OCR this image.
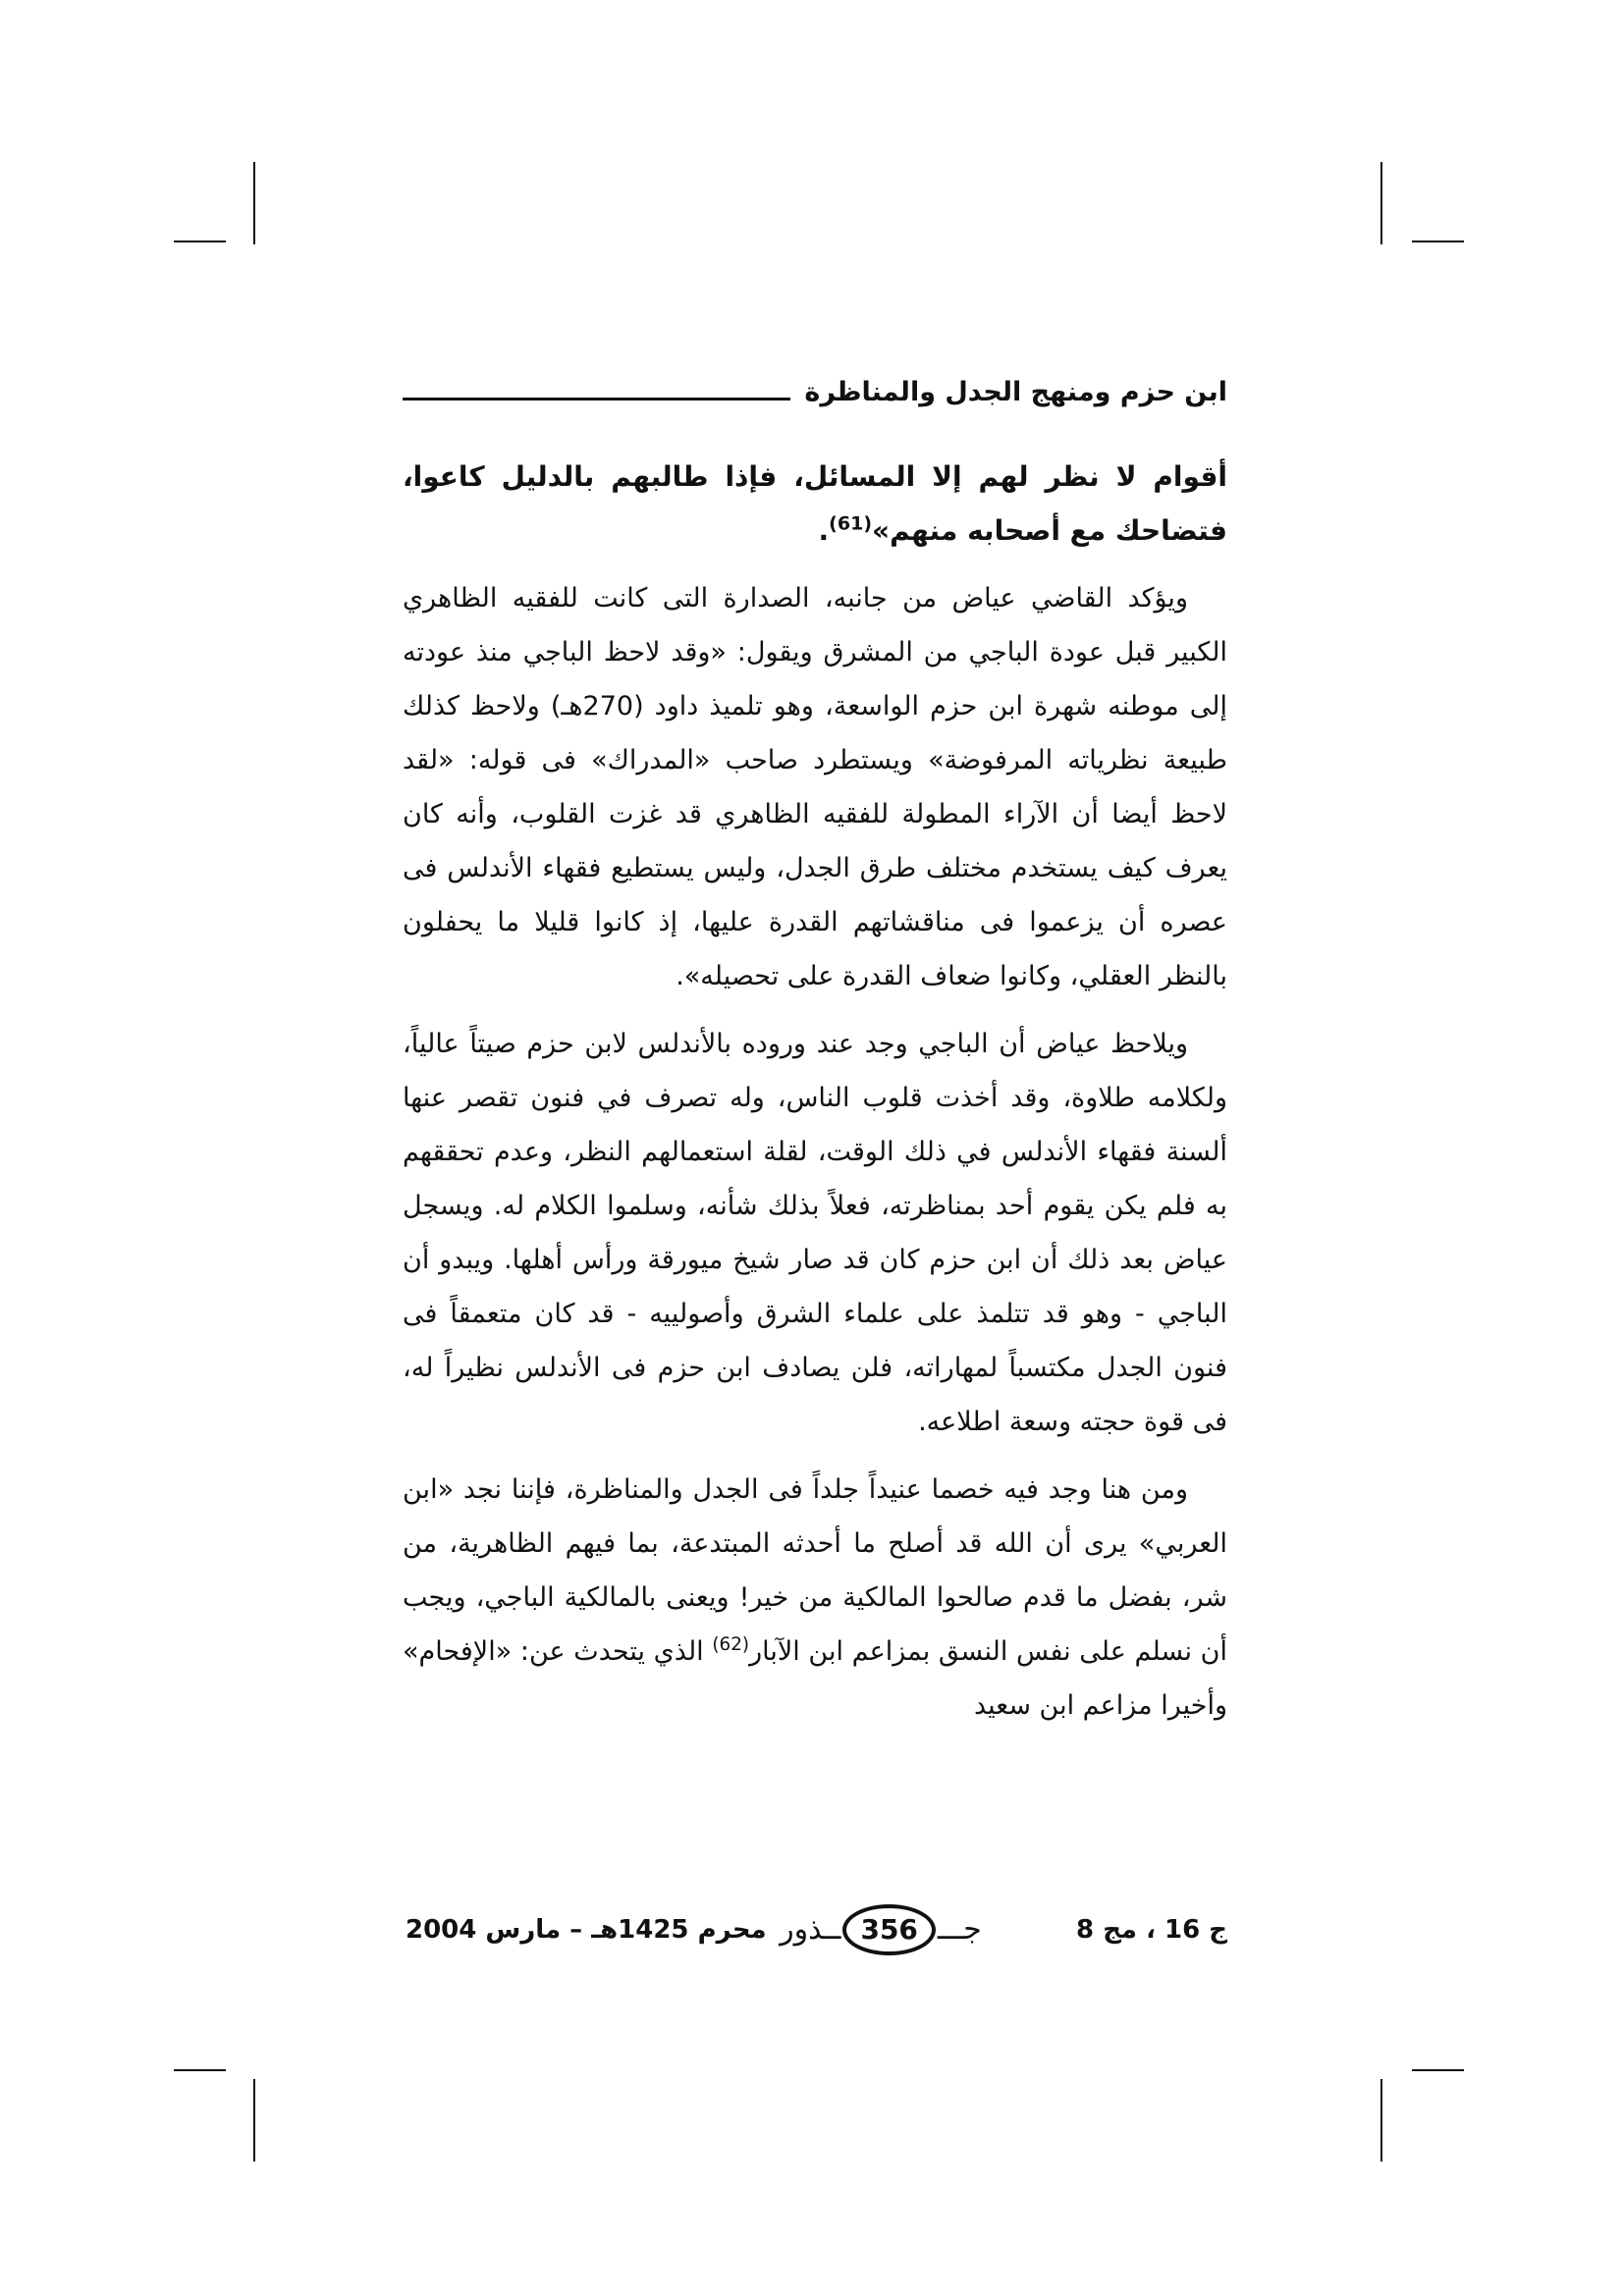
ابن حزم ومنهج الجدل والمناظرة

أقوام لا نظر لهم إلا المسائل، فإذا طالبهم بالدليل كاعوا، فتضاحك مع أصحابه منهم»$^{(61)}$.

ويؤكد القاضي عياض من جانبه، الصدارة التى كانت للفقيه الظاهري الكبير قبل عودة الباجي من المشرق ويقول: «وقد لاحظ الباجي منذ عودته إلى موطنه شهرة ابن حزم الواسعة، وهو تلميذ داود (270هـ) ولاحظ كذلك طبيعة نظرياته المرفوضة» ويستطرد صاحب «المدراك» فى قوله: «لقد لاحظ أيضا أن الآراء المطولة للفقيه الظاهري قد غزت القلوب، وأنه كان يعرف كيف يستخدم مختلف طرق الجدل، وليس يستطيع فقهاء الأندلس فى عصره أن يزعموا فى مناقشاتهم القدرة عليها، إذ كانوا قليلا ما يحفلون بالنظر العقلي، وكانوا ضعاف القدرة على تحصيله».

ويلاحظ عياض أن الباجي وجد عند وروده بالأندلس لابن حزم صيتاً عالياً، ولكلامه طلاوة، وقد أخذت قلوب الناس، وله تصرف في فنون تقصر عنها ألسنة فقهاء الأندلس في ذلك الوقت، لقلة استعمالهم النظر، وعدم تحققهم به فلم يكن يقوم أحد بمناظرته، فعلاً بذلك شأنه، وسلموا الكلام له. ويسجل عياض بعد ذلك أن ابن حزم كان قد صار شيخ ميورقة ورأس أهلها. ويبدو أن الباجي - وهو قد تتلمذ على علماء الشرق وأصولييه - قد كان متعمقاً فى فنون الجدل مكتسباً لمهاراته، فلن يصادف ابن حزم فى الأندلس نظيراً له، فى قوة حجته وسعة اطلاعه.

ومن هنا وجد فيه خصما عنيداً جلداً فى الجدل والمناظرة، فإننا نجد «ابن العربي» يرى أن الله قد أصلح ما أحدثه المبتدعة، بما فيهم الظاهرية، من شر، بفضل ما قدم صالحوا المالكية من خير! ويعنى بالمالكية الباجي، ويجب أن نسلم على نفس النسق بمزاعم ابن الآبار$^{(62)}$ الذي يتحدث عن: «الإفحام» وأخيرا مزاعم ابن سعيد

ج 16 ، مج 8
جـــ
356
ــذور
محرم 1425هـ – مارس 2004
